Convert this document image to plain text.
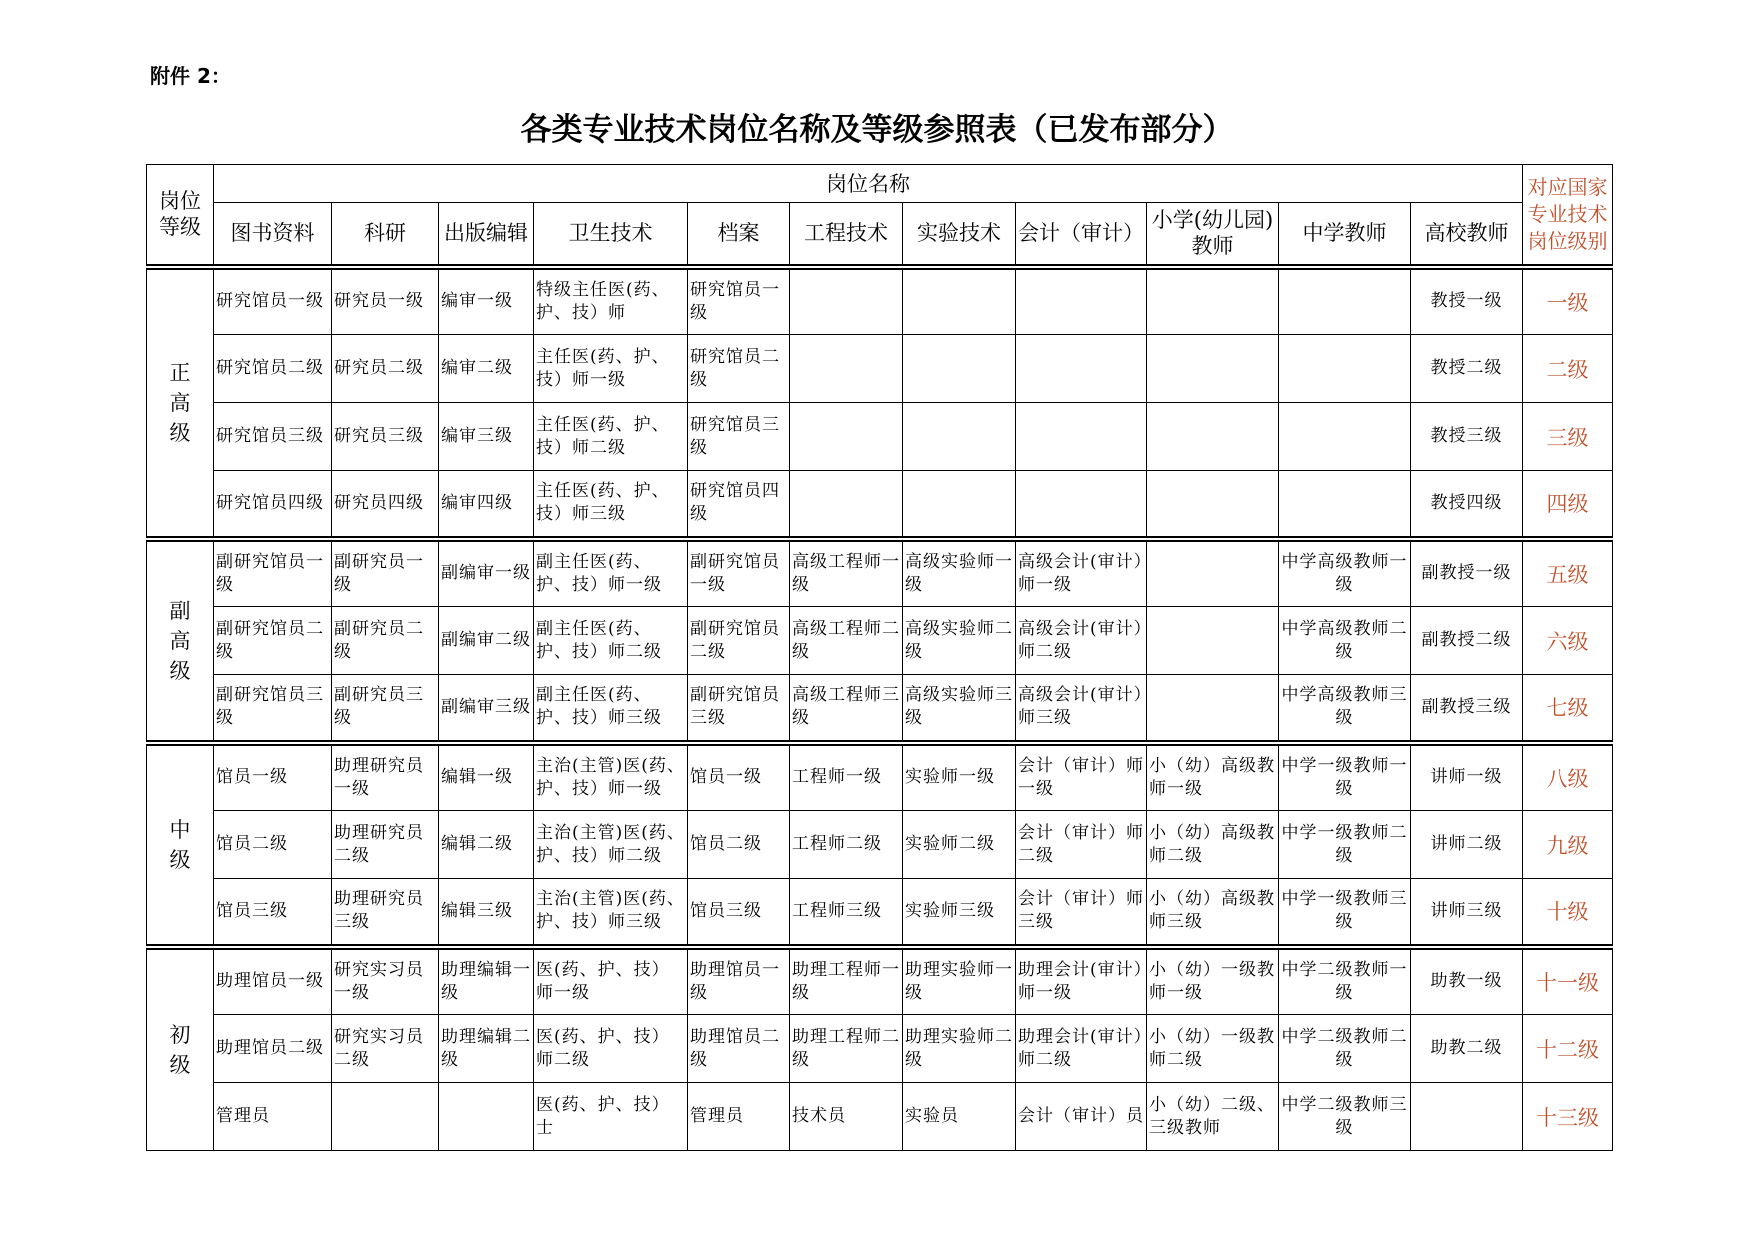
附件 2：
各类专业技术岗位名称及等级参照表（已发布部分）
岗位
等级	岗位名称											对应国家专业技术岗位级别
	图书资料	科研	出版编辑	卫生技术	档案	工程技术	实验技术	会计（审计）	小学(幼儿园)教师	中学教师	高校教师	

正
高
级	研究馆员一级	研究员一级	编审一级	特级主任医(药、护、技）师	研究馆员一级						教授一级	一级
	研究馆员二级	研究员二级	编审二级	主任医(药、护、技）师一级	研究馆员二级						教授二级	二级
	研究馆员三级	研究员三级	编审三级	主任医(药、护、技）师二级	研究馆员三级						教授三级	三级
	研究馆员四级	研究员四级	编审四级	主任医(药、护、技）师三级	研究馆员四级						教授四级	四级

副
高
级	副研究馆员一级	副研究员一级	副编审一级	副主任医(药、护、技）师一级	副研究馆员一级	高级工程师一级	高级实验师一级	高级会计(审计）师一级		中学高级教师一级	副教授一级	五级
	副研究馆员二级	副研究员二级	副编审二级	副主任医(药、护、技）师二级	副研究馆员二级	高级工程师二级	高级实验师二级	高级会计(审计）师二级		中学高级教师二级	副教授二级	六级
	副研究馆员三级	副研究员三级	副编审三级	副主任医(药、护、技）师三级	副研究馆员三级	高级工程师三级	高级实验师三级	高级会计(审计）师三级		中学高级教师三级	副教授三级	七级

中
级	馆员一级	助理研究员一级	编辑一级	主治(主管)医(药、护、技）师一级	馆员一级	工程师一级	实验师一级	会计（审计）师一级	小（幼）高级教师一级	中学一级教师一级	讲师一级	八级
	馆员二级	助理研究员二级	编辑二级	主治(主管)医(药、护、技）师二级	馆员二级	工程师二级	实验师二级	会计（审计）师二级	小（幼）高级教师二级	中学一级教师二级	讲师二级	九级
	馆员三级	助理研究员三级	编辑三级	主治(主管)医(药、护、技）师三级	馆员三级	工程师三级	实验师三级	会计（审计）师三级	小（幼）高级教师三级	中学一级教师三级	讲师三级	十级

初
级	助理馆员一级	研究实习员一级	助理编辑一级	医(药、护、技）师一级	助理馆员一级	助理工程师一级	助理实验师一级	助理会计(审计）师一级	小（幼）一级教师一级	中学二级教师一级	助教一级	十一级
	助理馆员二级	研究实习员二级	助理编辑二级	医(药、护、技）师二级	助理馆员二级	助理工程师二级	助理实验师二级	助理会计(审计）师二级	小（幼）一级教师二级	中学二级教师二级	助教二级	十二级
	管理员			医(药、护、技）士	管理员	技术员	实验员	会计（审计）员	小（幼）二级、三级教师	中学二级教师三级		十三级
